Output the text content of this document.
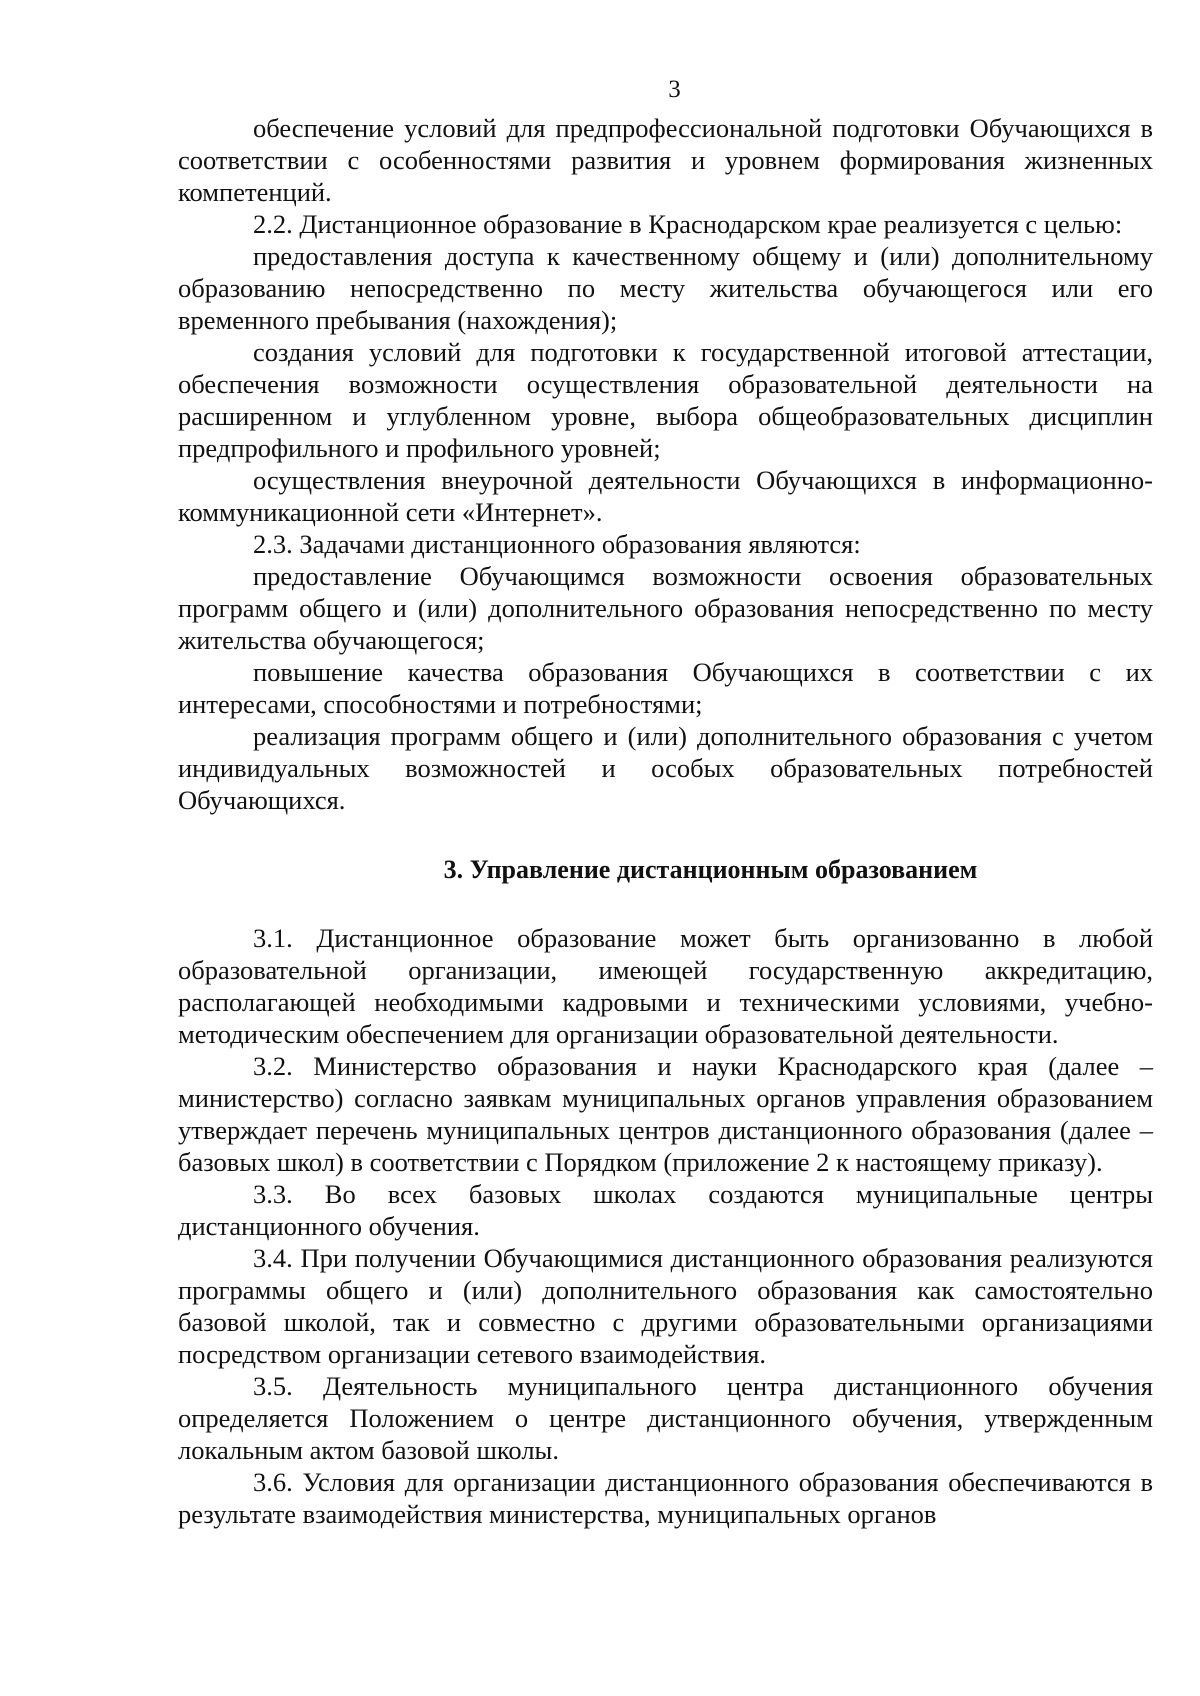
3

обеспечение условий для предпрофессиональной подготовки Обучающихся в соответствии с особенностями развития и уровнем формирования жизненных компетенций.

2.2. Дистанционное образование в Краснодарском крае реализуется с целью:

предоставления доступа к качественному общему и (или) дополнительному образованию непосредственно по месту жительства обучающегося или его временного пребывания (нахождения);

создания условий для подготовки к государственной итоговой аттестации, обеспечения возможности осуществления образовательной деятельности на расширенном и углубленном уровне, выбора общеобразовательных дисциплин предпрофильного и профильного уровней;

осуществления внеурочной деятельности Обучающихся в информационно-коммуникационной сети «Интернет».

2.3. Задачами дистанционного образования являются:

предоставление Обучающимся возможности освоения образовательных программ общего и (или) дополнительного образования непосредственно по месту жительства обучающегося;

повышение качества образования Обучающихся в соответствии с их интересами, способностями и потребностями;

реализация программ общего и (или) дополнительного образования с учетом индивидуальных возможностей и особых образовательных потребностей Обучающихся.

3. Управление дистанционным образованием

3.1. Дистанционное образование может быть организованно в любой образовательной организации, имеющей государственную аккредитацию, располагающей необходимыми кадровыми и техническими условиями, учебно-методическим обеспечением для организации образовательной деятельности.

3.2. Министерство образования и науки Краснодарского края (далее – министерство) согласно заявкам муниципальных органов управления образованием утверждает перечень муниципальных центров дистанционного образования (далее – базовых школ) в соответствии с Порядком (приложение 2 к настоящему приказу).

3.3. Во всех базовых школах создаются муниципальные центры дистанционного обучения.

3.4. При получении Обучающимися дистанционного образования реализуются программы общего и (или) дополнительного образования как самостоятельно базовой школой, так и совместно с другими образовательными организациями посредством организации сетевого взаимодействия.

3.5. Деятельность муниципального центра дистанционного обучения определяется Положением о центре дистанционного обучения, утвержденным локальным актом базовой школы.

3.6. Условия для организации дистанционного образования обеспечиваются в результате взаимодействия министерства, муниципальных органов
